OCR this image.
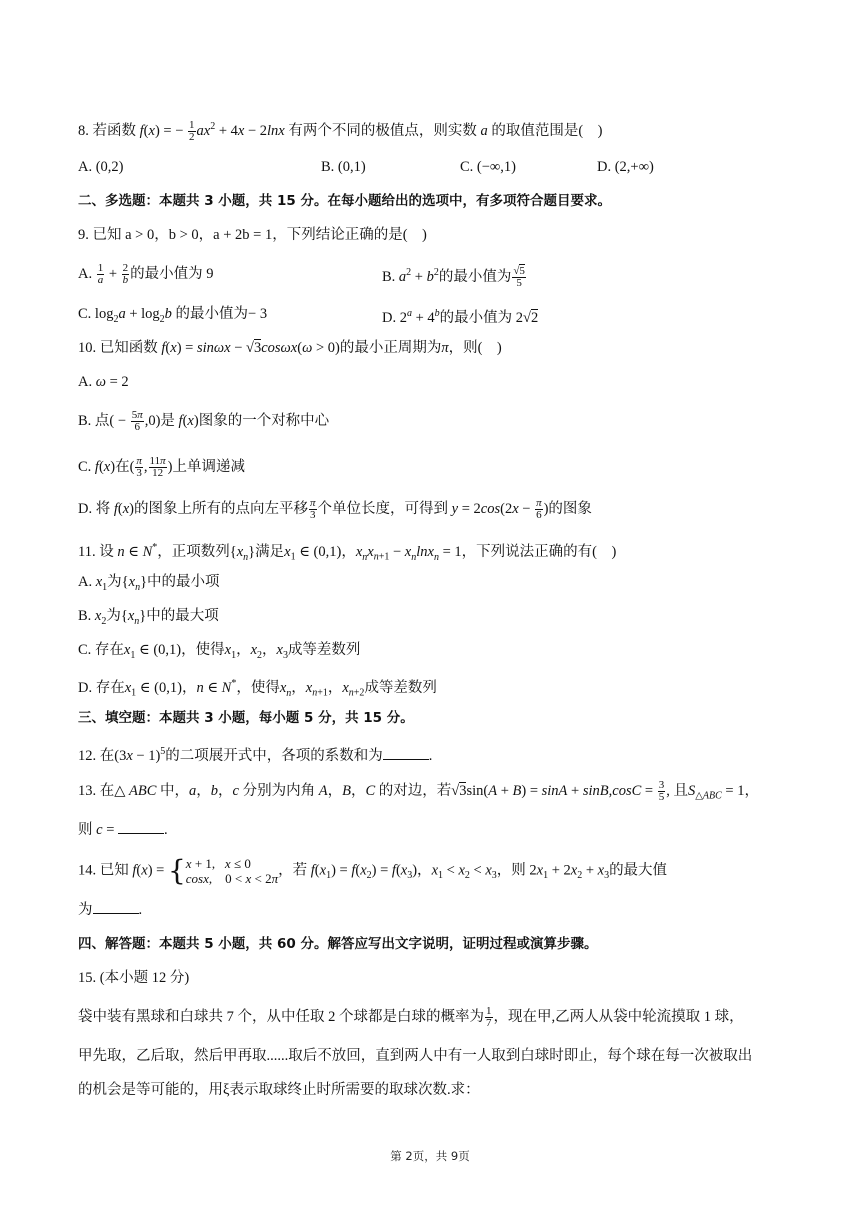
8. 若函数 f(x) = − $\frac{1}{2} ax^2 + 4x - 2\ln x$ 有两个不同的极值点，则实数 a 的取值范围是(　)
A. (0,2)	B. (0,1)	C. (−∞,1)	D. (2,+∞)
二、多选题：本题共 3 小题，共 15 分。在每小题给出的选项中，有多项符合题目要求。
9. 已知 a > 0，b > 0，a + 2b = 1，下列结论正确的是(　)
A. $\frac{1}{a} + \frac{2}{b}$ 的最小值为 9	B. $a^2 + b^2$的最小值为 $\frac{√5}{5}$
C. $\log_2a + \log_2b$ 的最小值为− 3	D. $2^a + 4^b$的最小值为 2√2
10. 已知函数 f(x) = sinωx − √3cosωx(ω > 0)的最小正周期为π，则(　)
A. ω = 2
B. 点( − $\frac{5\pi}{6} ,0$)是 f(x)图象的一个对称中心
C. f(x)在( $\frac{\pi}{3}$ , $\frac{11\pi}{12}$ )上单调递减
D. 将 f(x)的图象上所有的点向左平移 $\frac{\pi}{3}$ 个单位长度，可得到 $y = 2\cos(2x - \frac{\pi}{6}$ )的图象
11. 设 n ∈ N*，正项数列$\{x_n\}$满足$x_1$ ∈ (0,1)，$x_nx_{n+1} - x_n\ln x_n = 1$，下列说法正确的有(　)
A. $x_1$为$\{x_n\}$中的最小项
B. $x_2$为$\{x_n\}$中的最大项
C. 存在$x_1$ ∈ (0,1)，使得$x_1$，$x_2$，$x_3$成等差数列
D. 存在$x_1$ ∈ (0,1)，n ∈ N*，使得$x_n$，$x_{n+1}$，$x_{n+2}$成等差数列
三、填空题：本题共 3 小题，每小题 5 分，共 15 分。
12. 在$(3x - 1)^5$的二项展开式中，各项的系数和为	.
13. 在△ ABC 中，a，b，c 分别为内角 A，B，C 的对边，若$√3\sin(A + B) = \sin A + \sin B,\cos C = \frac{3}{5}$ , 且$S_{\triangle ABC} = 1$，
则 c =	.
14. 已知 f(x) = {x + 1,   x ≤ 0
cosx,    0 < x < 2π，若 $f(x_1) = f(x_2) = f(x_3)$，$x_1 < x_2 < x_3$，则 $2x_1 + 2x_2 + x_3$的最大值
为	.
四、解答题：本题共 5 小题，共 60 分。解答应写出文字说明，证明过程或演算步骤。
15. (本小题 12 分)
袋中装有黑球和白球共 7 个，从中任取 2 个球都是白球的概率为 $\frac{1}{7}$ ，现在甲,乙两人从袋中轮流摸取 1 球，
甲先取，乙后取，然后甲再取......取后不放回，直到两人中有一人取到白球时即止，每个球在每一次被取出
的机会是等可能的，用ξ表示取球终止时所需要的取球次数.求：
第 2页，共 9页
